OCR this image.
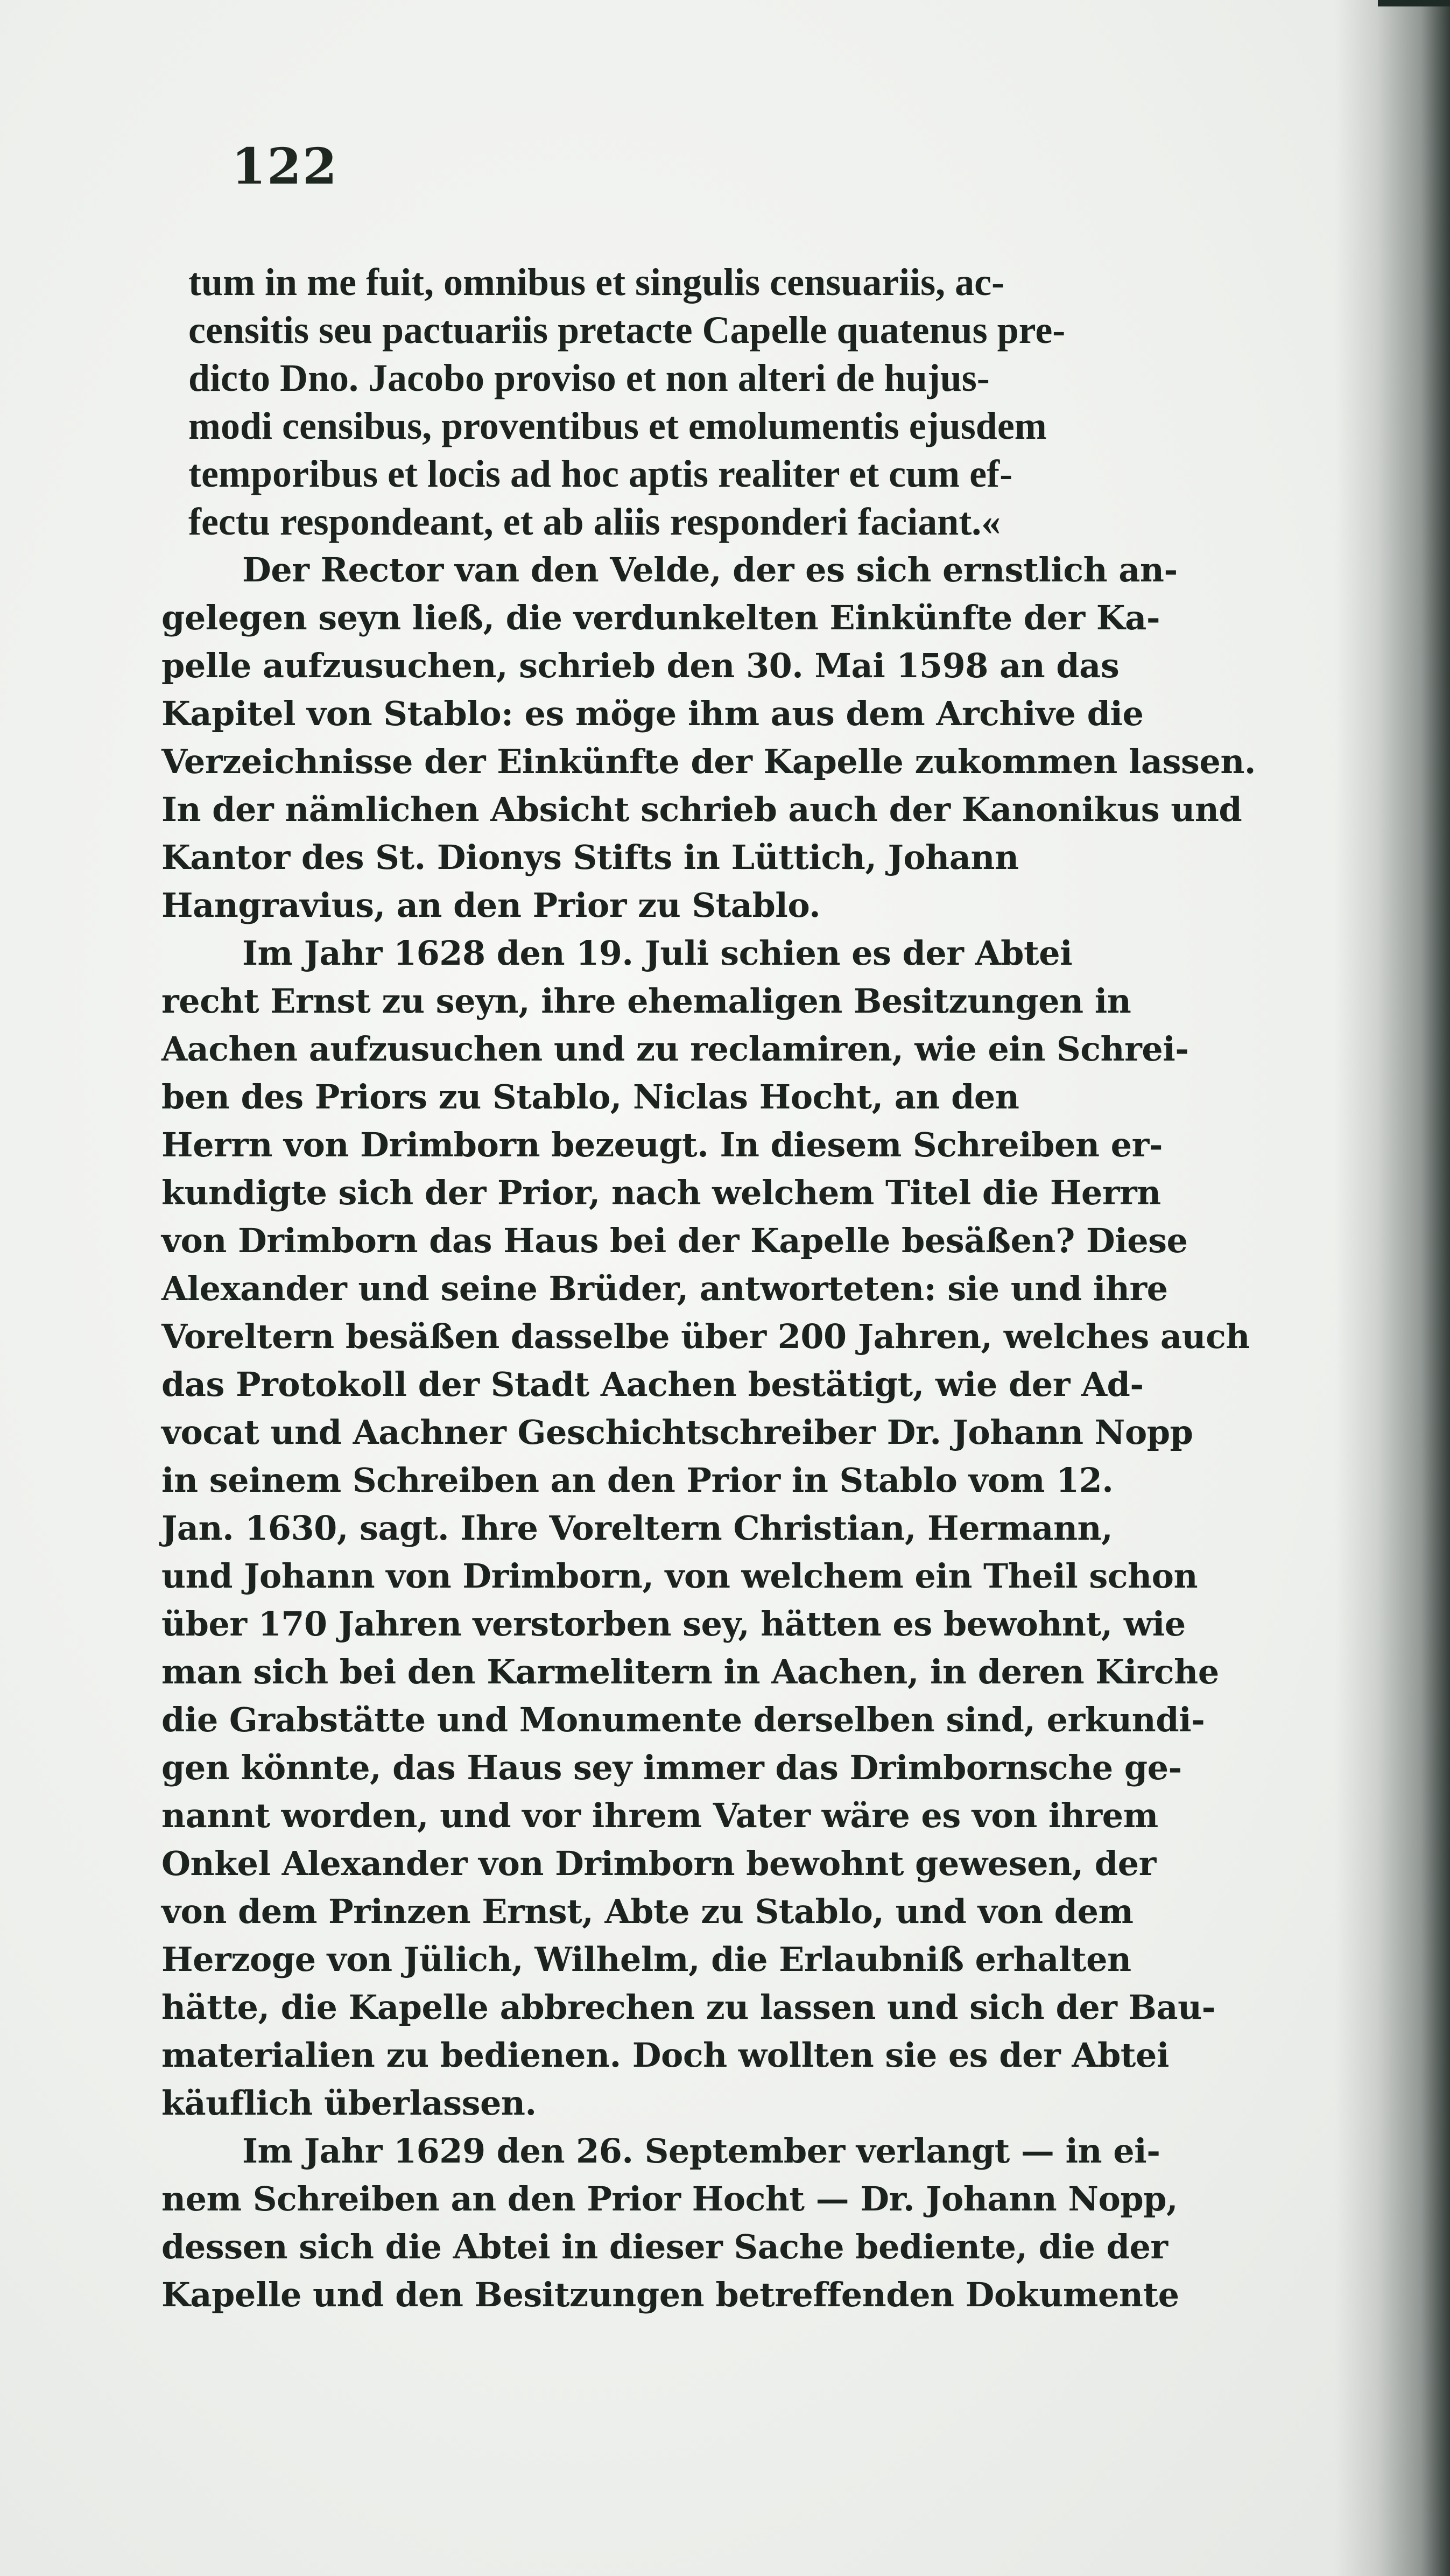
122
tum in me fuit, omnibus et singulis censuariis, ac-
censitis seu pactuariis pretacte Capelle quatenus pre-
dicto Dno. Jacobo proviso et non alteri de hujus-
modi censibus, proventibus et emolumentis ejusdem
temporibus et locis ad hoc aptis realiter et cum ef-
fectu respondeant, et ab aliis responderi faciant.«
Der Rector van den Velde, der es sich ernstlich an-
gelegen seyn ließ, die verdunkelten Einkünfte der Ka-
pelle aufzusuchen, schrieb den 30. Mai 1598 an das
Kapitel von Stablo: es möge ihm aus dem Archive die
Verzeichnisse der Einkünfte der Kapelle zukommen lassen.
In der nämlichen Absicht schrieb auch der Kanonikus und
Kantor des St. Dionys Stifts in Lüttich, Johann
Hangravius, an den Prior zu Stablo.
Im Jahr 1628 den 19. Juli schien es der Abtei
recht Ernst zu seyn, ihre ehemaligen Besitzungen in
Aachen aufzusuchen und zu reclamiren, wie ein Schrei-
ben des Priors zu Stablo, Niclas Hocht, an den
Herrn von Drimborn bezeugt. In diesem Schreiben er-
kundigte sich der Prior, nach welchem Titel die Herrn
von Drimborn das Haus bei der Kapelle besäßen? Diese
Alexander und seine Brüder, antworteten: sie und ihre
Voreltern besäßen dasselbe über 200 Jahren, welches auch
das Protokoll der Stadt Aachen bestätigt, wie der Ad-
vocat und Aachner Geschichtschreiber Dr. Johann Nopp
in seinem Schreiben an den Prior in Stablo vom 12.
Jan. 1630, sagt. Ihre Voreltern Christian, Hermann,
und Johann von Drimborn, von welchem ein Theil schon
über 170 Jahren verstorben sey, hätten es bewohnt, wie
man sich bei den Karmelitern in Aachen, in deren Kirche
die Grabstätte und Monumente derselben sind, erkundi-
gen könnte, das Haus sey immer das Drimbornsche ge-
nannt worden, und vor ihrem Vater wäre es von ihrem
Onkel Alexander von Drimborn bewohnt gewesen, der
von dem Prinzen Ernst, Abte zu Stablo, und von dem
Herzoge von Jülich, Wilhelm, die Erlaubniß erhalten
hätte, die Kapelle abbrechen zu lassen und sich der Bau-
materialien zu bedienen. Doch wollten sie es der Abtei
käuflich überlassen.
Im Jahr 1629 den 26. September verlangt — in ei-
nem Schreiben an den Prior Hocht — Dr. Johann Nopp,
dessen sich die Abtei in dieser Sache bediente, die der
Kapelle und den Besitzungen betreffenden Dokumente
